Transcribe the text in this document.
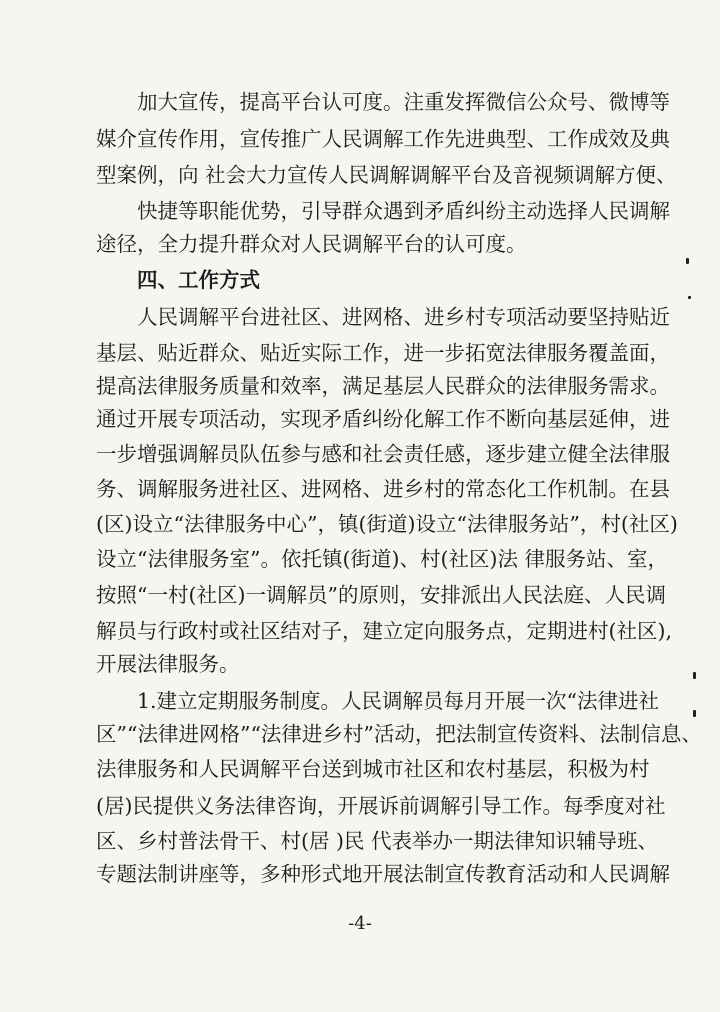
加大宣传，提高平台认可度。注重发挥微信公众号、微博等
媒介宣传作用，宣传推广人民调解工作先进典型、工作成效及典
型案例，向 社会大力宣传人民调解调解平台及音视频调解方便、
快捷等职能优势，引导群众遇到矛盾纠纷主动选择人民调解
途径，全力提升群众对人民调解平台的认可度。
四、工作方式
人民调解平台进社区、进网格、进乡村专项活动要坚持贴近
基层、贴近群众、贴近实际工作，进一步拓宽法律服务覆盖面，
提高法律服务质量和效率，满足基层人民群众的法律服务需求。
通过开展专项活动，实现矛盾纠纷化解工作不断向基层延伸，进
一步增强调解员队伍参与感和社会责任感，逐步建立健全法律服
务、调解服务进社区、进网格、进乡村的常态化工作机制。在县
(区)设立“法律服务中心”，镇(街道)设立“法律服务站”，村(社区)
设立“法律服务室”。依托镇(街道)、村(社区)法 律服务站、室，
按照“一村(社区)一调解员”的原则，安排派出人民法庭、人民调
解员与行政村或社区结对子，建立定向服务点，定期进村(社区),
开展法律服务。
1.建立定期服务制度。人民调解员每月开展一次“法律进社
区”“法律进网格”“法律进乡村”活动，把法制宣传资料、法制信息、
法律服务和人民调解平台送到城市社区和农村基层，积极为村
(居)民提供义务法律咨询，开展诉前调解引导工作。每季度对社
区、乡村普法骨干、村(居 )民 代表举办一期法律知识辅导班、
专题法制讲座等，多种形式地开展法制宣传教育活动和人民调解
-4-
